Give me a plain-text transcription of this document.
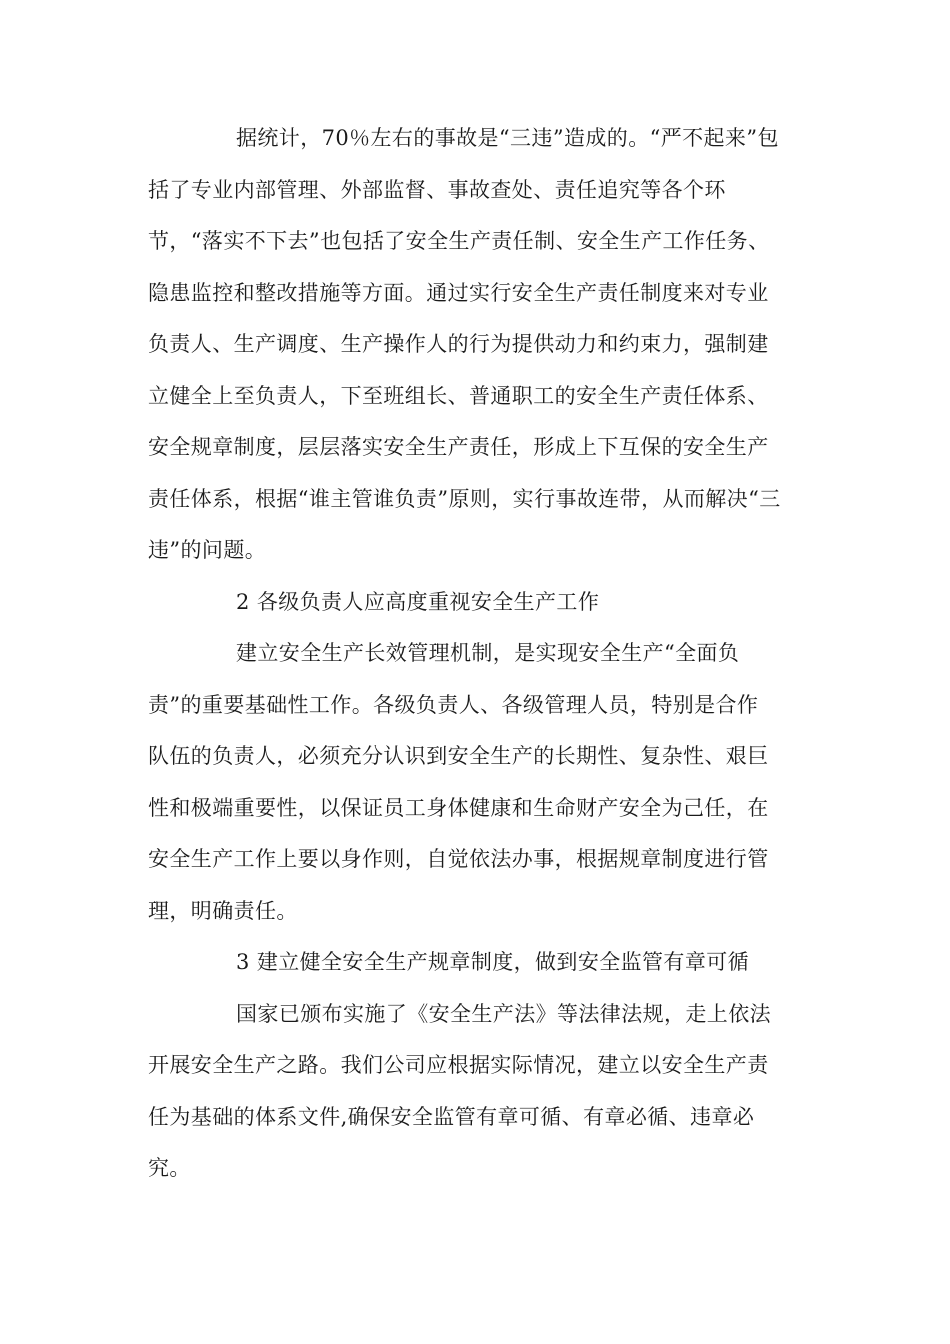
据统计，70％左右的事故是“三违”造成的。“严不起来”包
括了专业内部管理、外部监督、事故查处、责任追究等各个环
节，“落实不下去”也包括了安全生产责任制、安全生产工作任务、
隐患监控和整改措施等方面。通过实行安全生产责任制度来对专业
负责人、生产调度、生产操作人的行为提供动力和约束力，强制建
立健全上至负责人，下至班组长、普通职工的安全生产责任体系、
安全规章制度，层层落实安全生产责任，形成上下互保的安全生产
责任体系，根据“谁主管谁负责”原则，实行事故连带，从而解决“三
违”的问题。
2 各级负责人应高度重视安全生产工作
建立安全生产长效管理机制，是实现安全生产“全面负
责”的重要基础性工作。各级负责人、各级管理人员，特别是合作
队伍的负责人，必须充分认识到安全生产的长期性、复杂性、艰巨
性和极端重要性，以保证员工身体健康和生命财产安全为己任，在
安全生产工作上要以身作则，自觉依法办事，根据规章制度进行管
理，明确责任。
3 建立健全安全生产规章制度，做到安全监管有章可循
国家已颁布实施了《安全生产法》等法律法规，走上依法
开展安全生产之路。我们公司应根据实际情况，建立以安全生产责
任为基础的体系文件,确保安全监管有章可循、有章必循、违章必
究。
